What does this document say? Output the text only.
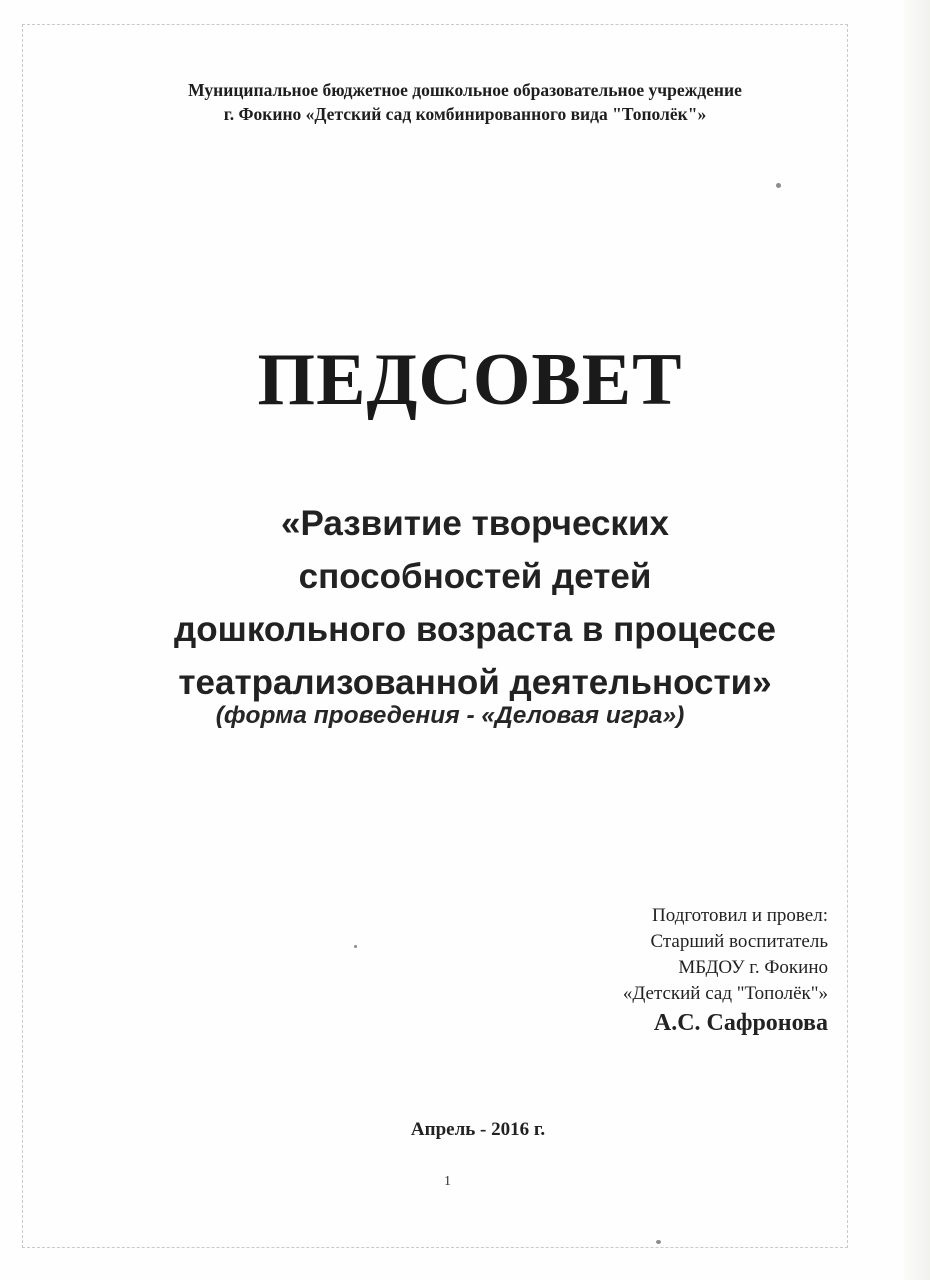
Муниципальное бюджетное дошкольное образовательное учреждение
г. Фокино «Детский сад комбинированного вида "Тополёк"»
ПЕДСОВЕТ
«Развитие творческих
способностей детей
дошкольного возраста в процессе
театрализованной деятельности»
(форма проведения - «Деловая игра»)
Подготовил и провел:
Старший воспитатель
МБДОУ г. Фокино
«Детский сад "Тополёк"»
А.С. Сафронова
Апрель - 2016 г.
1
